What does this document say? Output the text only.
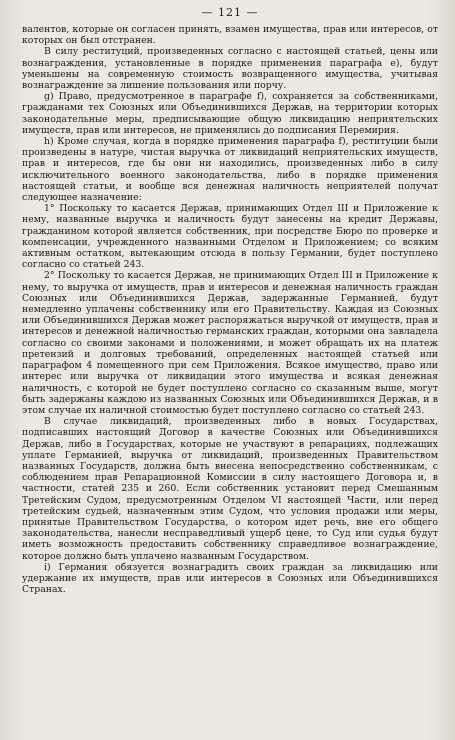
— 121 —

валентов, которые он согласен принять, взамен имущества, прав или интересов, от которых он был отстранен.

В силу реституций, произведенных согласно с настоящей статьей, цены или вознаграждения, установленные в порядке применения параграфа е), будут уменьшены на современную стоимость возвращенного имущества, учитывая вознаграждение за лишение пользования или порчу.

g) Право, предусмотренное в параграфе f), сохраняется за собственниками, гражданами тех Союзных или Объединившихся Держав, на территории которых законодательные меры, предписывающие общую ликвидацию неприятельских имуществ, прав или интересов, не применялись до подписания Перемирия.

h) Кроме случая, когда в порядке применения параграфа f), реституции были произведены в натуре, чистая выручка от ликвидаций неприятельских имуществ, прав и интересов, где бы они ни находились, произведенных либо в силу исключительного военного законодательства, либо в порядке применения настоящей статьи, и вообще вся денежная наличность неприятелей получат следующее назначение:

1° Поскольку то касается Держав, принимающих Отдел III и Приложение к нему, названные выручка и наличность будут занесены на кредит Державы, гражданином которой является собственник, при посредстве Бюро по проверке и компенсации, учрежденного названными Отделом и Приложением; со всяким активным остатком, вытекающим отсюда в пользу Германии, будет поступлено согласно со статьей 243.

2° Поскольку то касается Держав, не принимающих Отдел III и Приложение к нему, то выручка от имуществ, прав и интересов и денежная наличность граждан Союзных или Объединившихся Держав, задержанные Германией, будут немедленно уплачены собственнику или его Правительству. Каждая из Союзных или Объединившихся Держав может распоряжаться выручкой от имуществ, прав и интересов и денежной наличностью германских граждан, которыми она завладела согласно со своими законами и положениями, и может обращать их на платеж претензий и долговых требований, определенных настоящей статьей или параграфом 4 помещенного при сем Приложения. Всякое имущество, право или интерес или выручка от ликвидации этого имущества и всякая денежная наличность, с которой не будет поступлено согласно со сказанным выше, могут быть задержаны каждою из названных Союзных или Объединившихся Держав, и в этом случае их наличной стоимостью будет поступлено согласно со статьей 243.

В случае ликвидаций, произведенных либо в новых Государствах, подписавших настоящий Договор в качестве Союзных или Объединившихся Держав, либо в Государствах, которые не участвуют в репарациях, подлежащих уплате Германией, выручка от ликвидаций, произведенных Правительством названных Государств, должна быть внесена непосредственно собственникам, с соблюдением прав Репарационной Комиссии в силу настоящего Договора и, в частности, статей 235 и 260. Если собственник установит перед Смешанным Третейским Судом, предусмотренным Отделом VI настоящей Части, или перед третейским судьей, назначенным этим Судом, что условия продажи или меры, принятые Правительством Государства, о котором идет речь, вне его общего законодательства, нанесли несправедливый ущерб цене, то Суд или судья будут иметь возможность предоставить собственнику справедливое вознаграждение, которое должно быть уплачено названным Государством.

i) Германия обязуется вознаградить своих граждан за ликвидацию или удержание их имуществ, прав или интересов в Союзных или Объединившихся Странах.
